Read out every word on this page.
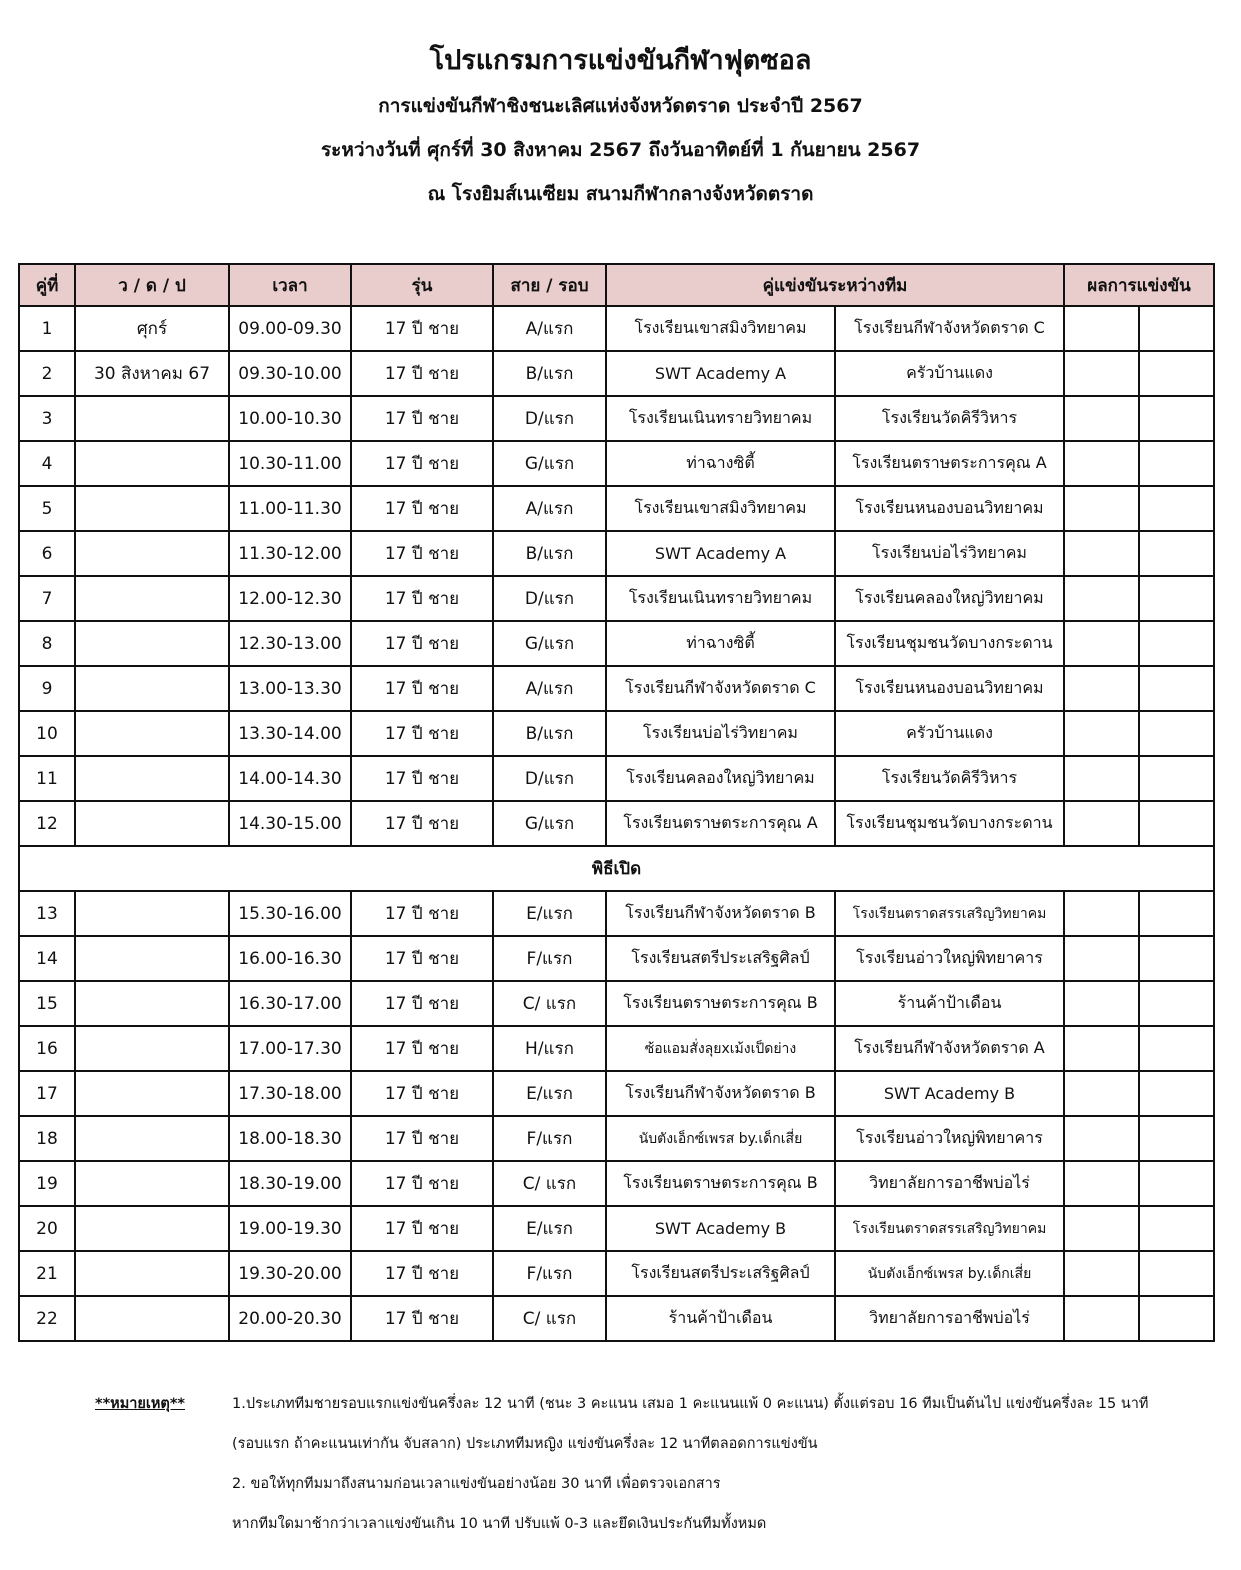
โปรแกรมการแข่งขันกีฬาฟุตซอล
การแข่งขันกีฬาชิงชนะเลิศแห่งจังหวัดตราด ประจำปี 2567
ระหว่างวันที่ ศุกร์ที่ 30 สิงหาคม 2567 ถึงวันอาทิตย์ที่ 1 กันยายน 2567
ณ โรงยิมส์เนเซียม สนามกีฬากลางจังหวัดตราด
คู่ที่	ว / ด / ป	เวลา	รุ่น	สาย / รอบ	คู่แข่งขันระหว่างทีม		ผลการแข่งขัน	
1	ศุกร์	09.00-09.30	17 ปี ชาย	A/แรก	โรงเรียนเขาสมิงวิทยาคม	โรงเรียนกีฬาจังหวัดตราด C		
2	30 สิงหาคม 67	09.30-10.00	17 ปี ชาย	B/แรก	SWT Academy A	ครัวบ้านแดง		
3		10.00-10.30	17 ปี ชาย	D/แรก	โรงเรียนเนินทรายวิทยาคม	โรงเรียนวัดคิรีวิหาร		
4		10.30-11.00	17 ปี ชาย	G/แรก	ท่าฉางซิตี้	โรงเรียนตราษตระการคุณ A		
5		11.00-11.30	17 ปี ชาย	A/แรก	โรงเรียนเขาสมิงวิทยาคม	โรงเรียนหนองบอนวิทยาคม		
6		11.30-12.00	17 ปี ชาย	B/แรก	SWT Academy A	โรงเรียนบ่อไร่วิทยาคม		
7		12.00-12.30	17 ปี ชาย	D/แรก	โรงเรียนเนินทรายวิทยาคม	โรงเรียนคลองใหญ่วิทยาคม		
8		12.30-13.00	17 ปี ชาย	G/แรก	ท่าฉางซิตี้	โรงเรียนชุมชนวัดบางกระดาน		
9		13.00-13.30	17 ปี ชาย	A/แรก	โรงเรียนกีฬาจังหวัดตราด C	โรงเรียนหนองบอนวิทยาคม		
10		13.30-14.00	17 ปี ชาย	B/แรก	โรงเรียนบ่อไร่วิทยาคม	ครัวบ้านแดง		
11		14.00-14.30	17 ปี ชาย	D/แรก	โรงเรียนคลองใหญ่วิทยาคม	โรงเรียนวัดคิรีวิหาร		
12		14.30-15.00	17 ปี ชาย	G/แรก	โรงเรียนตราษตระการคุณ A	โรงเรียนชุมชนวัดบางกระดาน		
พิธีเปิด								
13		15.30-16.00	17 ปี ชาย	E/แรก	โรงเรียนกีฬาจังหวัดตราด B	โรงเรียนตราดสรรเสริญวิทยาคม		
14		16.00-16.30	17 ปี ชาย	F/แรก	โรงเรียนสตรีประเสริฐศิลป์	โรงเรียนอ่าวใหญ่พิทยาคาร		
15		16.30-17.00	17 ปี ชาย	C/ แรก	โรงเรียนตราษตระการคุณ B	ร้านค้าป้าเดือน		
16		17.00-17.30	17 ปี ชาย	H/แรก	ซ้อแอมสั่งลุยxเม้งเป็ดย่าง	โรงเรียนกีฬาจังหวัดตราด A		
17		17.30-18.00	17 ปี ชาย	E/แรก	โรงเรียนกีฬาจังหวัดตราด B	SWT Academy B		
18		18.00-18.30	17 ปี ชาย	F/แรก	นับตังเอ็กซ์เพรส by.เด็กเสี่ย	โรงเรียนอ่าวใหญ่พิทยาคาร		
19		18.30-19.00	17 ปี ชาย	C/ แรก	โรงเรียนตราษตระการคุณ B	วิทยาลัยการอาชีพบ่อไร่		
20		19.00-19.30	17 ปี ชาย	E/แรก	SWT Academy B	โรงเรียนตราดสรรเสริญวิทยาคม		
21		19.30-20.00	17 ปี ชาย	F/แรก	โรงเรียนสตรีประเสริฐศิลป์	นับตังเอ็กซ์เพรส by.เด็กเสี่ย		
22		20.00-20.30	17 ปี ชาย	C/ แรก	ร้านค้าป้าเดือน	วิทยาลัยการอาชีพบ่อไร่		
**หมายเหตุ**	1.ประเภททีมชายรอบแรกแข่งขันครึ่งละ 12 นาที (ชนะ 3 คะแนน เสมอ 1 คะแนนแพ้ 0 คะแนน) ตั้งแต่รอบ 16 ทีมเป็นต้นไป แข่งขันครึ่งละ 15 นาที
(รอบแรก ถ้าคะแนนเท่ากัน จับสลาก) ประเภททีมหญิง แข่งขันครึ่งละ 12 นาทีตลอดการแข่งขัน
2. ขอให้ทุกทีมมาถึงสนามก่อนเวลาแข่งขันอย่างน้อย 30 นาที เพื่อตรวจเอกสาร
หากทีมใดมาช้ากว่าเวลาแข่งขันเกิน 10 นาที ปรับแพ้ 0-3 และยึดเงินประกันทีมทั้งหมด
